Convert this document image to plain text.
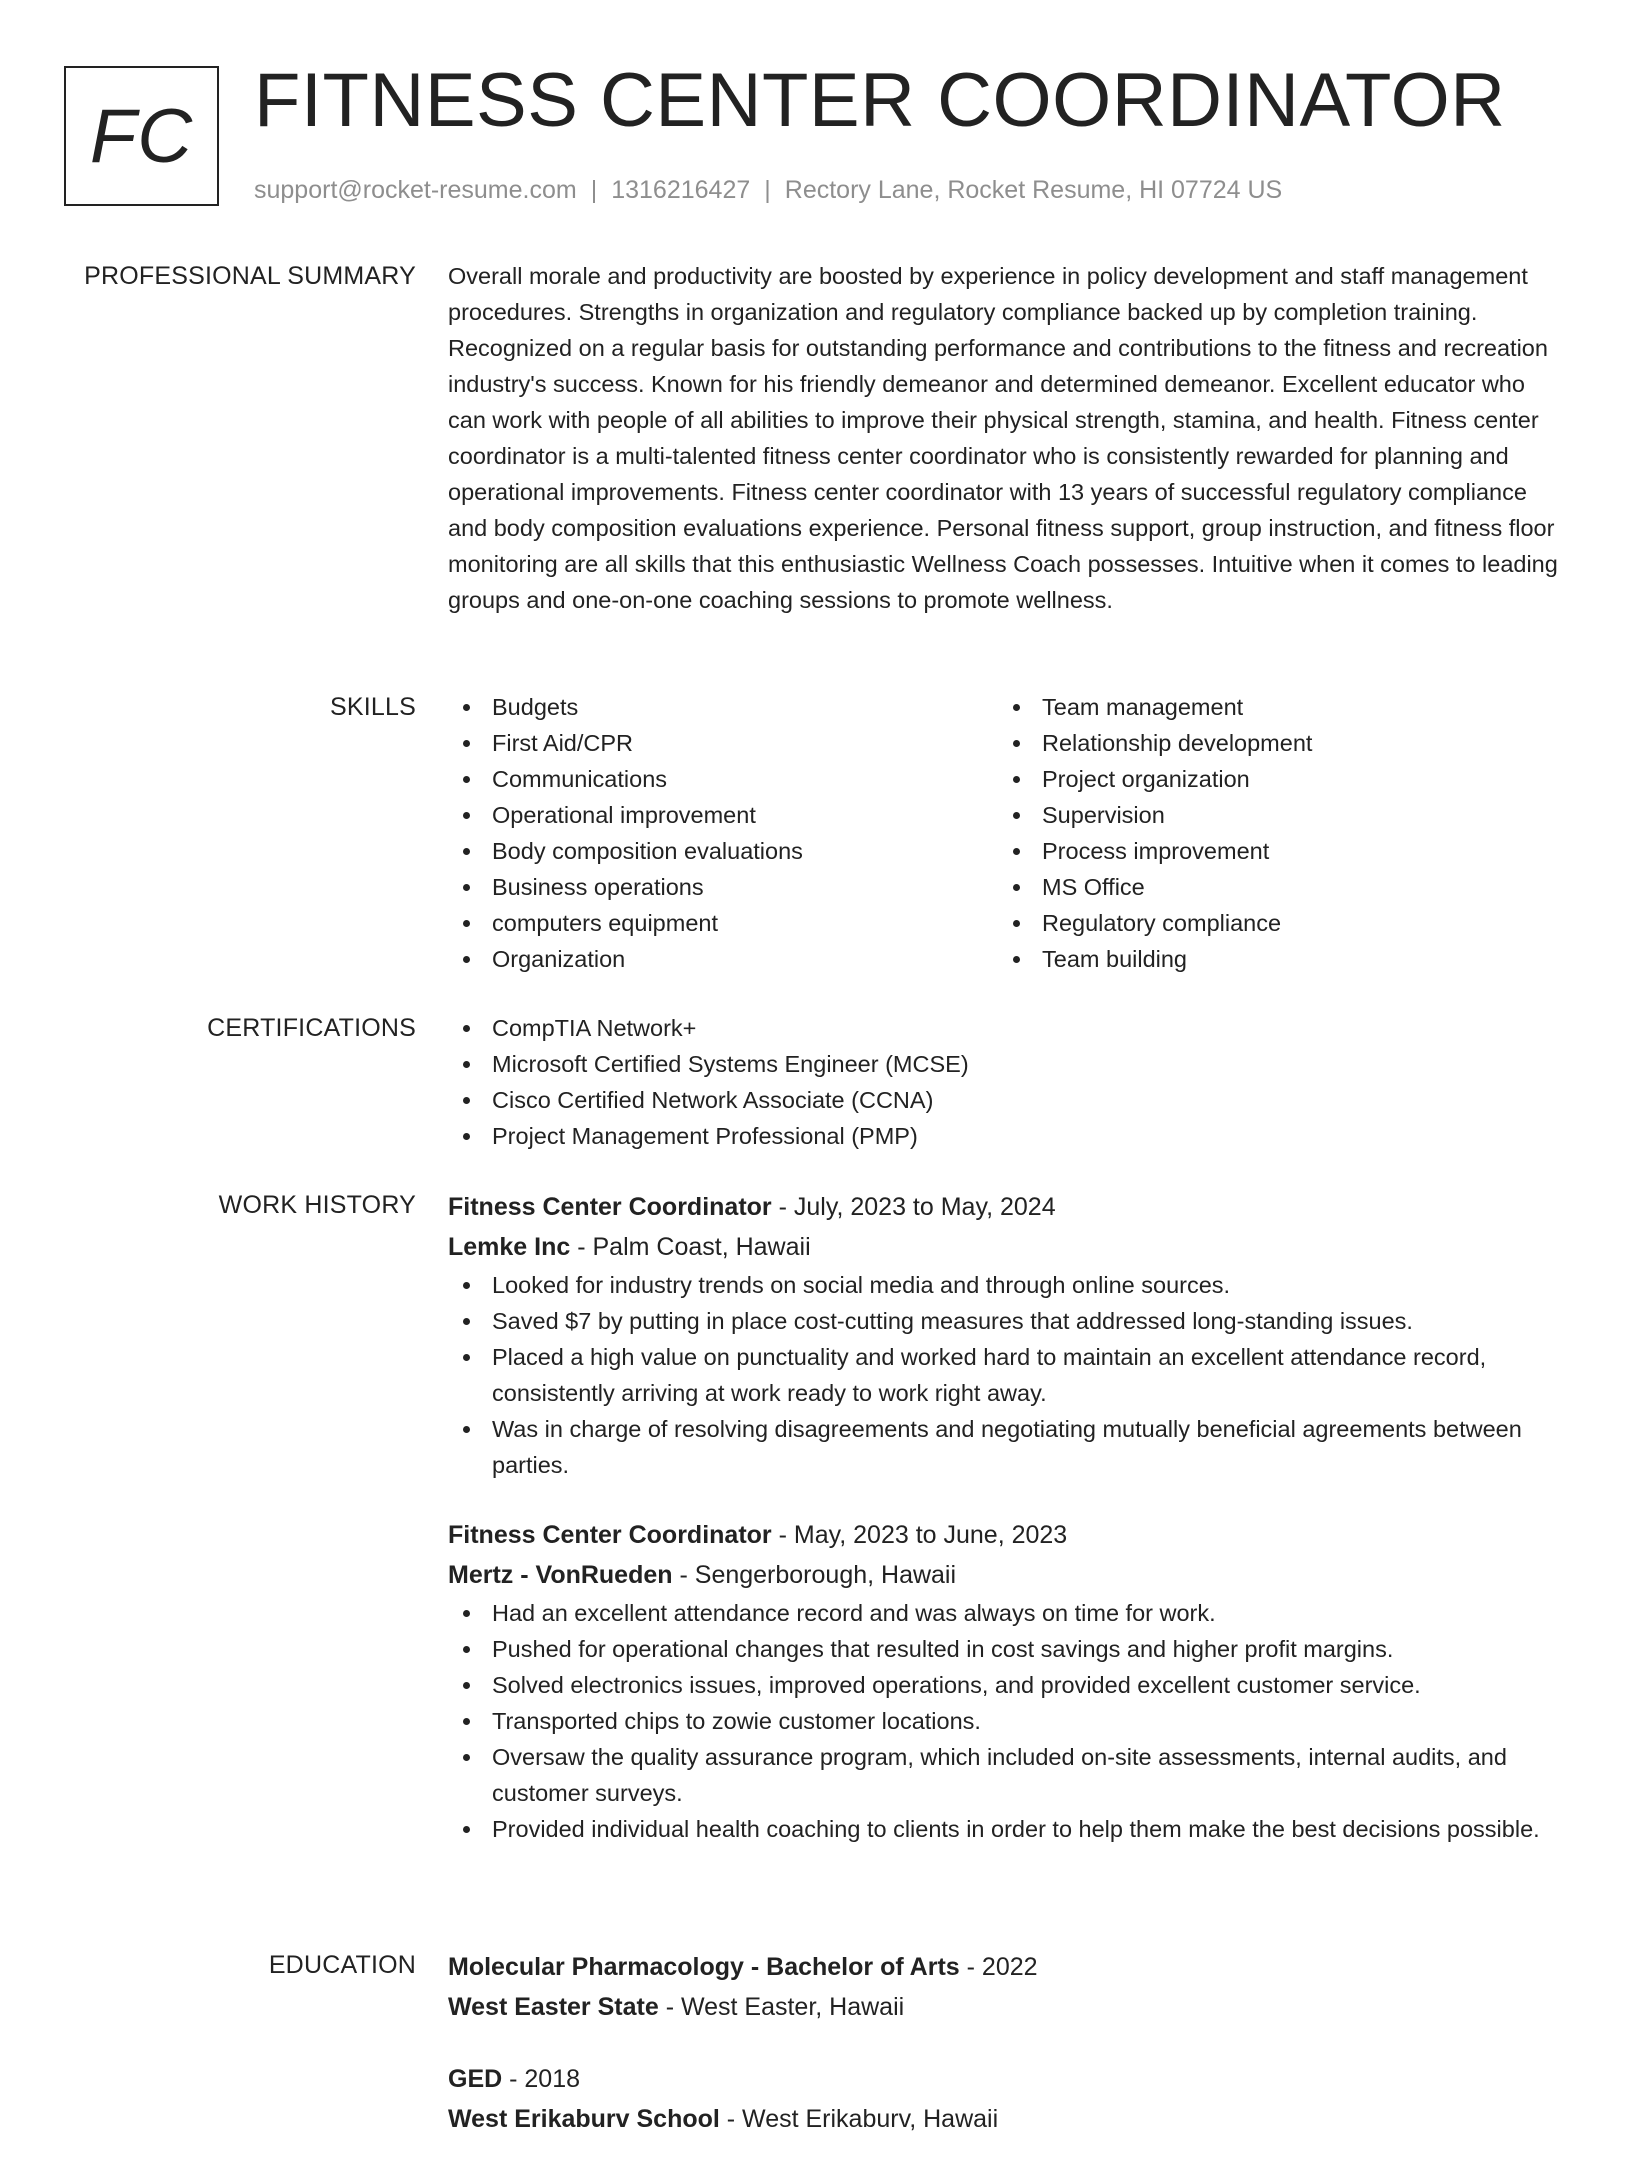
FC FITNESS CENTER COORDINATOR
support@rocket-resume.com | 1316216427 | Rectory Lane, Rocket Resume, HI 07724 US
PROFESSIONAL SUMMARY Overall morale and productivity are boosted by experience in policy development and staff management procedures. Strengths in organization and regulatory compliance backed up by completion training. Recognized on a regular basis for outstanding performance and contributions to the fitness and recreation industry's success. Known for his friendly demeanor and determined demeanor. Excellent educator who can work with people of all abilities to improve their physical strength, stamina, and health. Fitness center coordinator is a multi-talented fitness center coordinator who is consistently rewarded for planning and operational improvements. Fitness center coordinator with 13 years of successful regulatory compliance and body composition evaluations experience. Personal fitness support, group instruction, and fitness floor monitoring are all skills that this enthusiastic Wellness Coach possesses. Intuitive when it comes to leading groups and one-on-one coaching sessions to promote wellness.

SKILLS	Budgets
First Aid/CPR
Communications
Operational improvement
Body composition evaluations
Business operations
computers equipment
Organization
Team management
Relationship development
Project organization
Supervision
Process improvement
MS Office
Regulatory compliance
Team building
CERTIFICATIONS	CompTIA Network+
Microsoft Certified Systems Engineer (MCSE)
Cisco Certified Network Associate (CCNA)
Project Management Professional (PMP)
WORK HISTORY Fitness Center Coordinator - July, 2023 to May, 2024
Lemke Inc - Palm Coast, Hawaii
Looked for industry trends on social media and through online sources.
Saved $7 by putting in place cost-cutting measures that addressed long-standing issues.
Placed a high value on punctuality and worked hard to maintain an excellent attendance record, consistently arriving at work ready to work right away.
Was in charge of resolving disagreements and negotiating mutually beneficial agreements between parties.
Fitness Center Coordinator - May, 2023 to June, 2023
Mertz - VonRueden - Sengerborough, Hawaii
Had an excellent attendance record and was always on time for work.
Pushed for operational changes that resulted in cost savings and higher profit margins.
Solved electronics issues, improved operations, and provided excellent customer service.
Transported chips to zowie customer locations.
Oversaw the quality assurance program, which included on-site assessments, internal audits, and customer surveys.
Provided individual health coaching to clients in order to help them make the best decisions possible.
EDUCATION Molecular Pharmacology - Bachelor of Arts - 2022
West Easter State - West Easter, Hawaii
GED - 2018
West Erikaburv School - West Erikaburv, Hawaii
